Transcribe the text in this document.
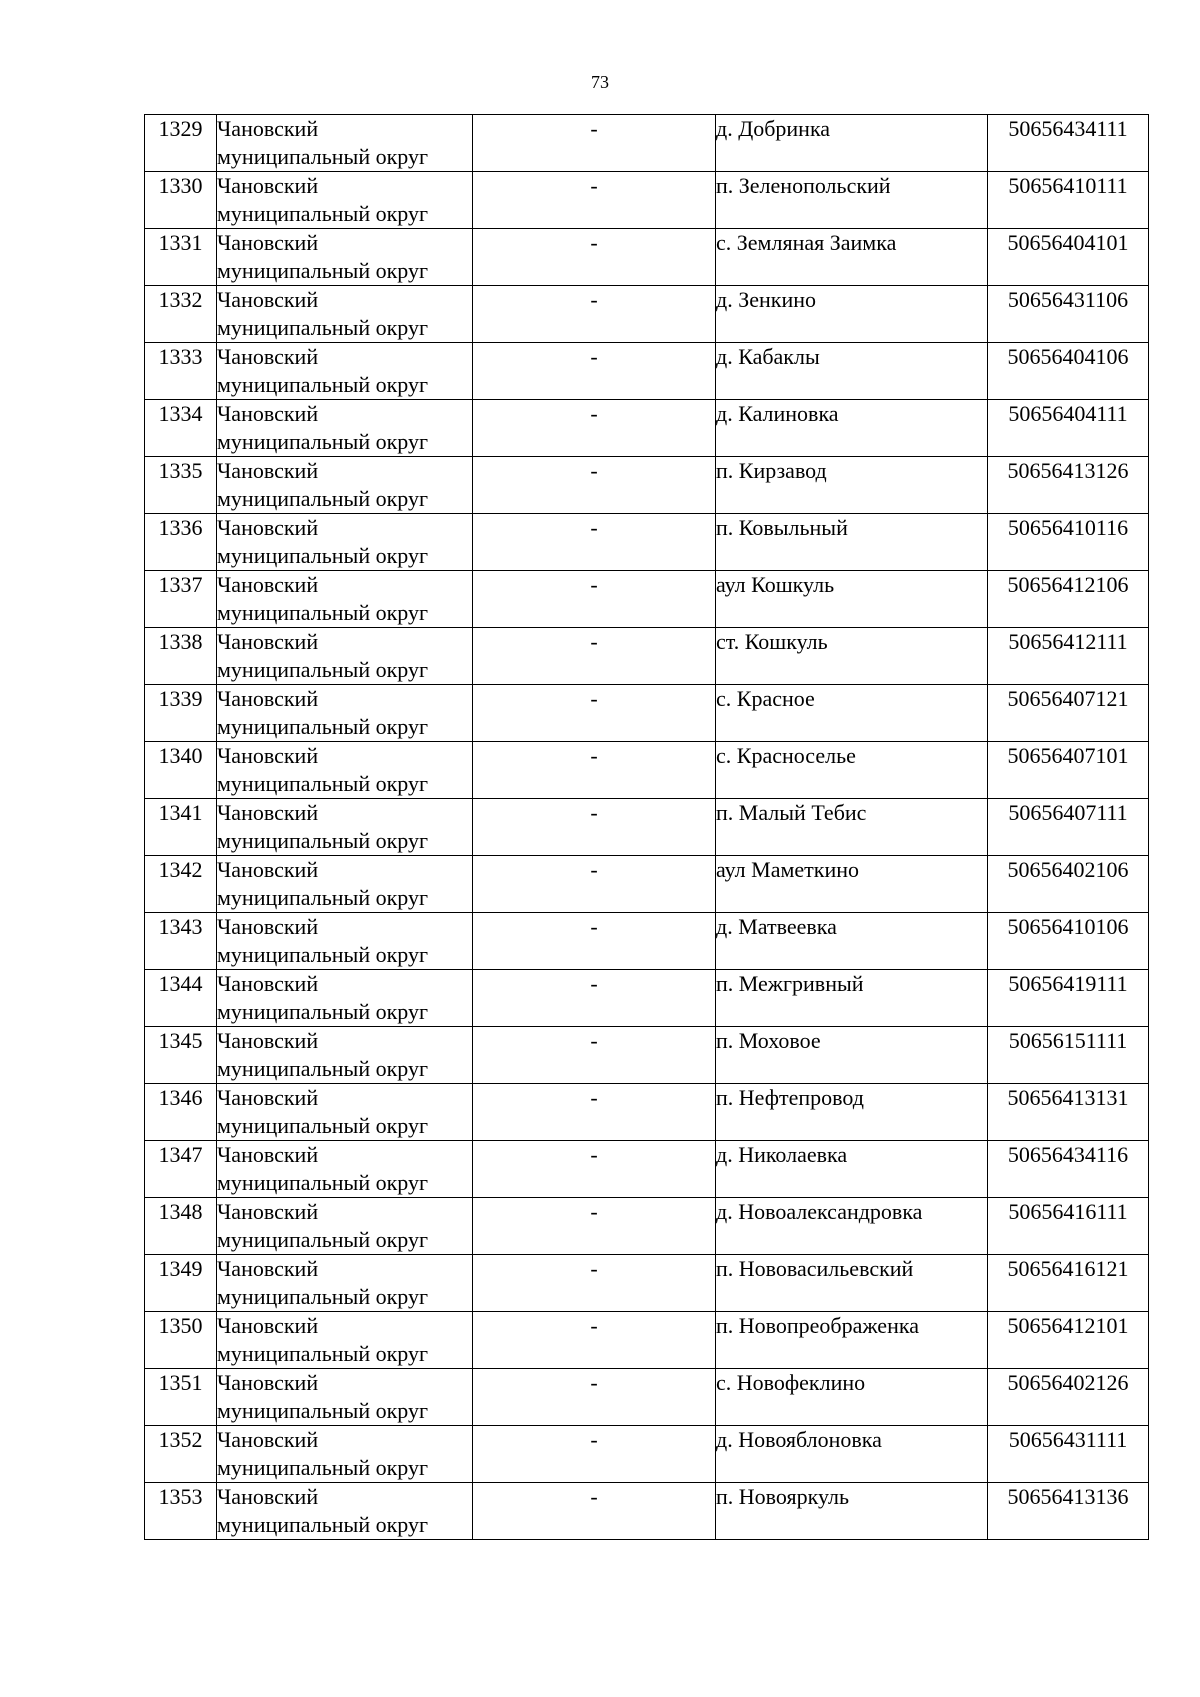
73
1329	Чановский
муниципальный округ	-	д. Добринка	50656434111
1330	Чановский
муниципальный округ	-	п. Зеленопольский	50656410111
1331	Чановский
муниципальный округ	-	с. Земляная Заимка	50656404101
1332	Чановский
муниципальный округ	-	д. Зенкино	50656431106
1333	Чановский
муниципальный округ	-	д. Кабаклы	50656404106
1334	Чановский
муниципальный округ	-	д. Калиновка	50656404111
1335	Чановский
муниципальный округ	-	п. Кирзавод	50656413126
1336	Чановский
муниципальный округ	-	п. Ковыльный	50656410116
1337	Чановский
муниципальный округ	-	аул Кошкуль	50656412106
1338	Чановский
муниципальный округ	-	ст. Кошкуль	50656412111
1339	Чановский
муниципальный округ	-	с. Красное	50656407121
1340	Чановский
муниципальный округ	-	с. Красноселье	50656407101
1341	Чановский
муниципальный округ	-	п. Малый Тебис	50656407111
1342	Чановский
муниципальный округ	-	аул Маметкино	50656402106
1343	Чановский
муниципальный округ	-	д. Матвеевка	50656410106
1344	Чановский
муниципальный округ	-	п. Межгривный	50656419111
1345	Чановский
муниципальный округ	-	п. Моховое	50656151111
1346	Чановский
муниципальный округ	-	п. Нефтепровод	50656413131
1347	Чановский
муниципальный округ	-	д. Николаевка	50656434116
1348	Чановский
муниципальный округ	-	д. Новоалександровка	50656416111
1349	Чановский
муниципальный округ	-	п. Нововасильевский	50656416121
1350	Чановский
муниципальный округ	-	п. Новопреображенка	50656412101
1351	Чановский
муниципальный округ	-	с. Новофеклино	50656402126
1352	Чановский
муниципальный округ	-	д. Новояблоновка	50656431111
1353	Чановский
муниципальный округ	-	п. Новояркуль	50656413136
